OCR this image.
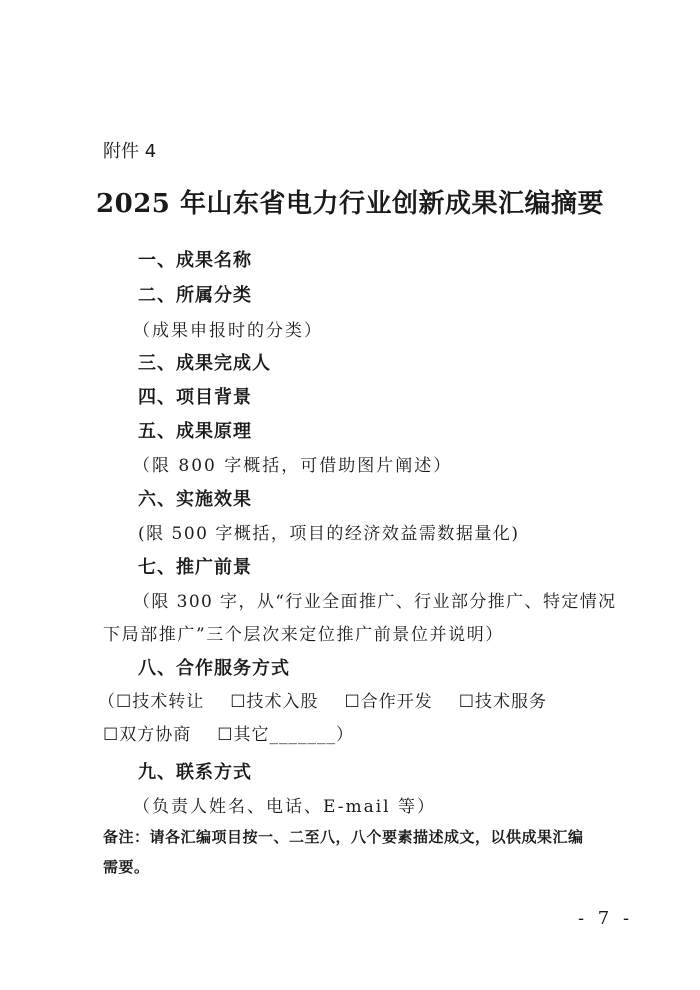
附件 4
2025 年山东省电力行业创新成果汇编摘要
一、成果名称
二、所属分类
（成果申报时的分类）
三、成果完成人
四、项目背景
五、成果原理
（限 800 字概括，可借助图片阐述）
六、实施效果
(限 500 字概括，项目的经济效益需数据量化)
七、推广前景
（限 300 字，从“行业全面推广、行业部分推广、特定情况
下局部推广”三个层次来定位推广前景位并说明）
八、合作服务方式
（☐技术转让 ☐技术入股 ☐合作开发 ☐技术服务
☐双方协商 ☐其它_______）
九、联系方式
（负责人姓名、电话、E-mail 等）
备注：请各汇编项目按一、二至八，八个要素描述成文，以供成果汇编
需要。
- 7 -
